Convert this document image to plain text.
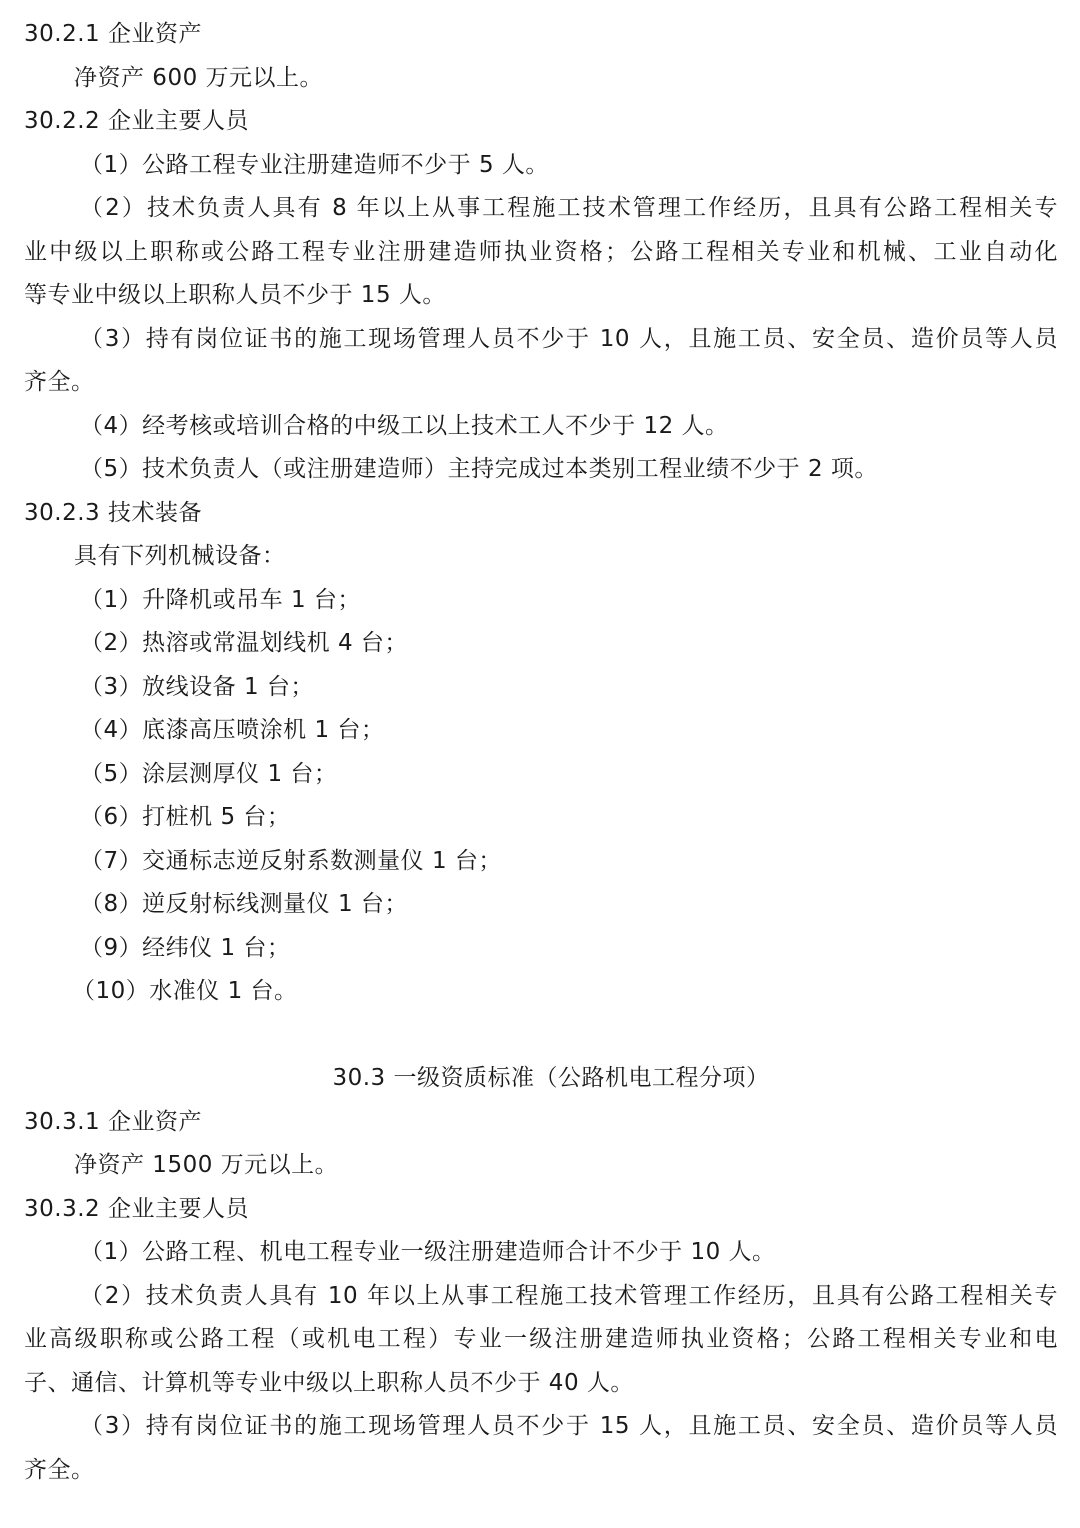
30.2.1 企业资产
净资产 600 万元以上。
30.2.2 企业主要人员
（1）公路工程专业注册建造师不少于 5 人。
（2）技术负责人具有 8 年以上从事工程施工技术管理工作经历，且具有公路工程相关专
业中级以上职称或公路工程专业注册建造师执业资格；公路工程相关专业和机械、工业自动化
等专业中级以上职称人员不少于 15 人。
（3）持有岗位证书的施工现场管理人员不少于 10 人，且施工员、安全员、造价员等人员
齐全。
（4）经考核或培训合格的中级工以上技术工人不少于 12 人。
（5）技术负责人（或注册建造师）主持完成过本类别工程业绩不少于 2 项。
30.2.3 技术装备
具有下列机械设备：
（1）升降机或吊车 1 台；
（2）热溶或常温划线机 4 台；
（3）放线设备 1 台；
（4）底漆高压喷涂机 1 台；
（5）涂层测厚仪 1 台；
（6）打桩机 5 台；
（7）交通标志逆反射系数测量仪 1 台；
（8）逆反射标线测量仪 1 台；
（9）经纬仪 1 台；
（10）水准仪 1 台。
30.3 一级资质标准（公路机电工程分项）
30.3.1 企业资产
净资产 1500 万元以上。
30.3.2 企业主要人员
（1）公路工程、机电工程专业一级注册建造师合计不少于 10 人。
（2）技术负责人具有 10 年以上从事工程施工技术管理工作经历，且具有公路工程相关专
业高级职称或公路工程（或机电工程）专业一级注册建造师执业资格；公路工程相关专业和电
子、通信、计算机等专业中级以上职称人员不少于 40 人。
（3）持有岗位证书的施工现场管理人员不少于 15 人，且施工员、安全员、造价员等人员
齐全。
